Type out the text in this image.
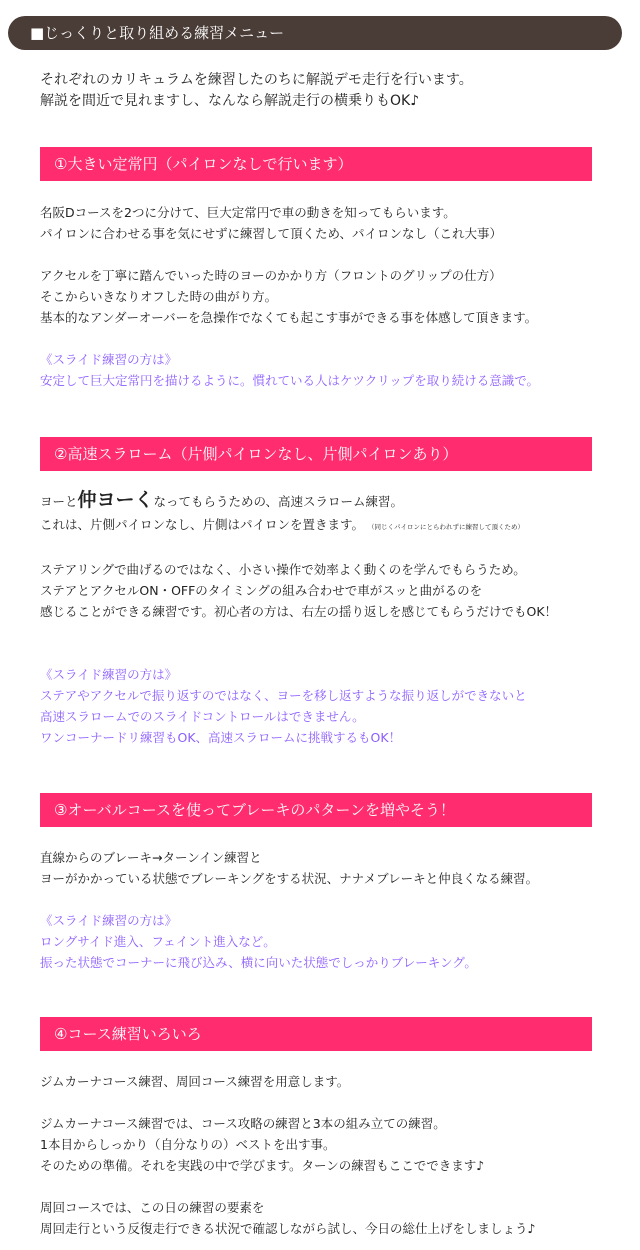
■じっくりと取り組める練習メニュー
それぞれのカリキュラムを練習したのちに解説デモ走行を行います。
解説を間近で見れますし、なんなら解説走行の横乗りもOK♪
①大きい定常円（パイロンなしで行います）
名阪Dコースを2つに分けて、巨大定常円で車の動きを知ってもらいます。
パイロンに合わせる事を気にせずに練習して頂くため、パイロンなし（これ大事）
アクセルを丁寧に踏んでいった時のヨーのかかり方（フロントのグリップの仕方）
そこからいきなりオフした時の曲がり方。
基本的なアンダーオーバーを急操作でなくても起こす事ができる事を体感して頂きます。
《スライド練習の方は》
安定して巨大定常円を描けるように。慣れている人はケツクリップを取り続ける意識で。
②高速スラローム（片側パイロンなし、片側パイロンあり）
ヨーと仲ヨーくなってもらうための、高速スラローム練習。
これは、片側パイロンなし、片側はパイロンを置きます。 （同じくパイロンにとらわれずに練習して頂くため）
ステアリングで曲げるのではなく、小さい操作で効率よく動くのを学んでもらうため。
ステアとアクセルON・OFFのタイミングの組み合わせで車がスッと曲がるのを
感じることができる練習です。初心者の方は、右左の揺り返しを感じてもらうだけでもOK！
《スライド練習の方は》
ステアやアクセルで振り返すのではなく、ヨーを移し返すような振り返しができないと
高速スラロームでのスライドコントロールはできません。
ワンコーナードリ練習もOK、高速スラロームに挑戦するもOK！
③オーバルコースを使ってブレーキのパターンを増やそう！
直線からのブレーキ→ターンイン練習と
ヨーがかかっている状態でブレーキングをする状況、ナナメブレーキと仲良くなる練習。
《スライド練習の方は》
ロングサイド進入、フェイント進入など。
振った状態でコーナーに飛び込み、横に向いた状態でしっかりブレーキング。
④コース練習いろいろ
ジムカーナコース練習、周回コース練習を用意します。
ジムカーナコース練習では、コース攻略の練習と3本の組み立ての練習。
1本目からしっかり（自分なりの）ベストを出す事。
そのための準備。それを実践の中で学びます。ターンの練習もここでできます♪
周回コースでは、この日の練習の要素を
周回走行という反復走行できる状況で確認しながら試し、今日の総仕上げをしましょう♪
